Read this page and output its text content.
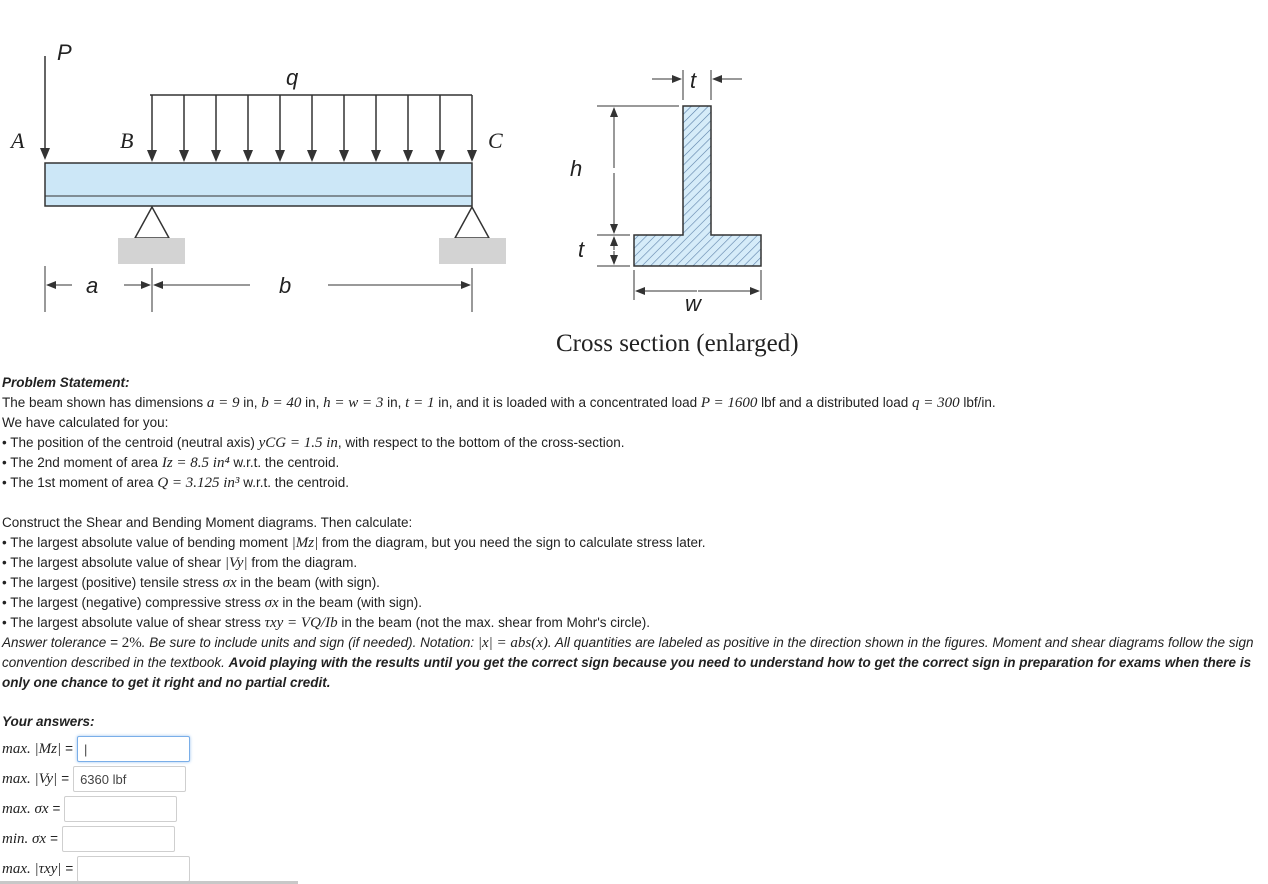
P
q
A	B	C
a	b
t
h
t
w
Cross section (enlarged)
Problem Statement:
The beam shown has dimensions a = 9 in, b = 40 in, h = w = 3 in, t = 1 in, and it is loaded with a concentrated load P = 1600 lbf and a distributed load q = 300 lbf/in.
We have calculated for you:
• The position of the centroid (neutral axis) yCG = 1.5 in, with respect to the bottom of the cross-section.
• The 2nd moment of area Iz = 8.5 in⁴ w.r.t. the centroid.
• The 1st moment of area Q = 3.125 in³ w.r.t. the centroid.
Construct the Shear and Bending Moment diagrams. Then calculate:
• The largest absolute value of bending moment |Mz| from the diagram, but you need the sign to calculate stress later.
• The largest absolute value of shear |Vy| from the diagram.
• The largest (positive) tensile stress σx in the beam (with sign).
• The largest (negative) compressive stress σx in the beam (with sign).
• The largest absolute value of shear stress τxy = VQ/Ib in the beam (not the max. shear from Mohr's circle).
Answer tolerance = 2%. Be sure to include units and sign (if needed). Notation: |x| = abs(x). All quantities are labeled as positive in the direction shown in the figures. Moment and shear diagrams follow the sign convention described in the textbook. Avoid playing with the results until you get the correct sign because you need to understand how to get the correct sign in preparation for exams when there is only one chance to get it right and no partial credit.
Your answers:
max. |Mz| =
|
max. |Vy| =
6360 lbf
max. σx =
min. σx =
max. |τxy| =
